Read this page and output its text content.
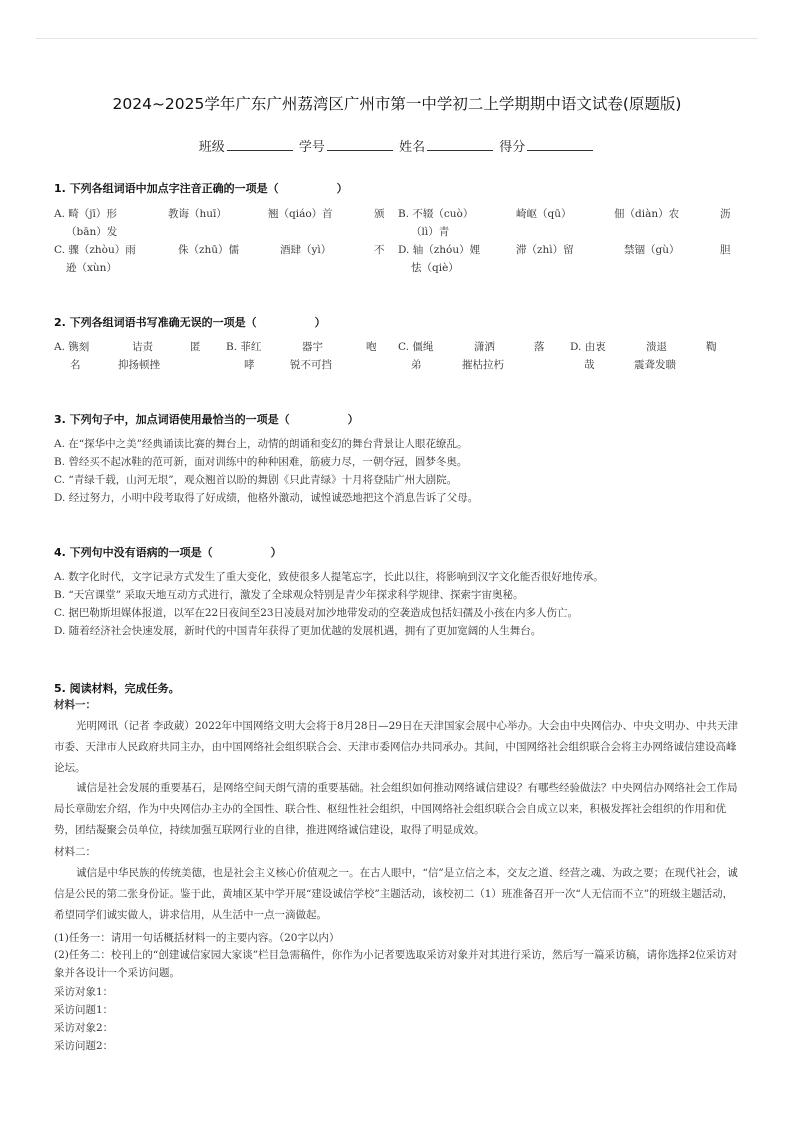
2024~2025学年广东广州荔湾区广州市第一中学初二上学期期中语文试卷(原题版)
班级	学号	姓名	得分
1. 下列各组词语中加点字注音正确的一项是（	）
A. 畸（jī）形	教诲（huī）	翘（qiáo）首	颁
（bān）发
B. 不辍（cuò）	崎岖（qū）	佃（diàn）农	沥
（lì）青
C. 骤（zhòu）雨	侏（zhū）儒	酒肆（yì）	不
逊（xùn）
D. 轴（zhóu）娌	滞（zhì）留	禁锢（gù）	胆
怯（qiè）
2. 下列各组词语书写准确无误的一项是（	）
A. 镌刻	诘责	匿
名	抑扬顿挫
B. 菲红	器宇	咆
哮	锐不可挡
C. 僵绳	潇洒	落
弟	摧枯拉朽
D. 由衷	溃退	鞫
哉	震聋发聩
3. 下列句子中，加点词语使用最恰当的一项是（	）
A. 在“探华中之美”经典诵读比赛的舞台上，动情的朗诵和变幻的舞台背景让人眼花缭乱。
B. 曾经买不起冰鞋的范可新，面对训练中的种种困难，筋疲力尽，一朝夺冠，圆梦冬奥。
C. “青绿千载，山河无垠”，观众翘首以盼的舞剧《只此青绿》十月将登陆广州大剧院。
D. 经过努力，小明中段考取得了好成绩，他格外激动，诚惶诚恐地把这个消息告诉了父母。
4. 下列句中没有语病的一项是（	）
A. 数字化时代，文字记录方式发生了重大变化，致使很多人提笔忘字，长此以往，将影响到汉字文化能否很好地传承。
B. “天宫课堂” 采取天地互动方式进行，激发了全球观众特别是青少年探求科学规律、探索宇宙奥秘。
C. 据巴勒斯坦媒体报道，以军在22日夜间至23日凌晨对加沙地带发动的空袭造成包括妇孺及小孩在内多人伤亡。
D. 随着经济社会快速发展，新时代的中国青年获得了更加优越的发展机遇，拥有了更加宽阔的人生舞台。
5. 阅读材料，完成任务。
材料一：
光明网讯（记者 李政葳）2022年中国网络文明大会将于8月28日—29日在天津国家会展中心举办。大会由中央网信办、中央文明办、中共天津市委、天津市人民政府共同主办，由中国网络社会组织联合会、天津市委网信办共同承办。其间，中国网络社会组织联合会将主办网络诚信建设高峰论坛。
诚信是社会发展的重要基石，是网络空间天朗气清的重要基础。社会组织如何推动网络诚信建设？有哪些经验做法？中央网信办网络社会工作局局长章勋宏介绍，作为中央网信办主办的全国性、联合性、枢纽性社会组织，中国网络社会组织联合会自成立以来，积极发挥社会组织的作用和优势，团结凝聚会员单位，持续加强互联网行业的自律，推进网络诚信建设，取得了明显成效。
材料二：
诚信是中华民族的传统美德，也是社会主义核心价值观之一。在古人眼中，“信”是立信之本，交友之道、经营之魂、为政之要；在现代社会，诚信是公民的第二张身份证。鉴于此，黄埔区某中学开展“建设诚信学校”主题活动，该校初二（1）班准备召开一次“人无信而不立”的班级主题活动，希望同学们诚实做人，讲求信用，从生活中一点一滴做起。
(1)任务一：请用一句话概括材料一的主要内容。（20字以内）
(2)任务二：校刊上的“创建诚信家园大家谈”栏目急需稿件，你作为小记者要选取采访对象并对其进行采访，然后写一篇采访稿，请你选择2位采访对象并各设计一个采访问题。
采访对象1：
采访问题1：
采访对象2：
采访问题2：
